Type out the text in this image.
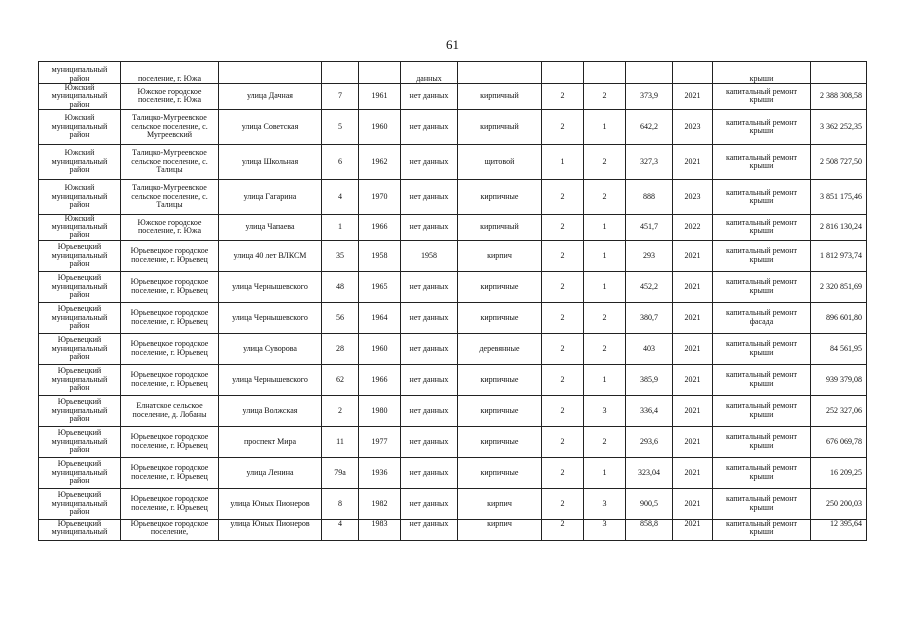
61
муниципальный район	поселение, г. Южа				данных						крыши	
Южский муниципальный район	Южское городское поселение, г. Южа	улица Дачная	7	1961	нет данных	кирпичный	2	2	373,9	2021	капитальный ремонт крыши	2 388 308,58
Южский муниципальный район	Талицко-Мугреевское сельское поселение, с. Мугреевский	улица Советская	5	1960	нет данных	кирпичный	2	1	642,2	2023	капитальный ремонт крыши	3 362 252,35
Южский муниципальный район	Талицко-Мугреевское сельское поселение, с. Талицы	улица Школьная	6	1962	нет данных	щитовой	1	2	327,3	2021	капитальный ремонт крыши	2 508 727,50
Южский муниципальный район	Талицко-Мугреевское сельское поселение, с. Талицы	улица Гагарина	4	1970	нет данных	кирпичные	2	2	888	2023	капитальный ремонт крыши	3 851 175,46
Южский муниципальный район	Южское городское поселение, г. Южа	улица Чапаева	1	1966	нет данных	кирпичный	2	1	451,7	2022	капитальный ремонт крыши	2 816 130,24
Юрьевецкий муниципальный район	Юрьевецкое городское поселение, г. Юрьевец	улица 40 лет ВЛКСМ	35	1958	1958	кирпич	2	1	293	2021	капитальный ремонт крыши	1 812 973,74
Юрьевецкий муниципальный район	Юрьевецкое городское поселение, г. Юрьевец	улица Чернышевского	48	1965	нет данных	кирпичные	2	1	452,2	2021	капитальный ремонт крыши	2 320 851,69
Юрьевецкий муниципальный район	Юрьевецкое городское поселение, г. Юрьевец	улица Чернышевского	56	1964	нет данных	кирпичные	2	2	380,7	2021	капитальный ремонт фасада	896 601,80
Юрьевецкий муниципальный район	Юрьевецкое городское поселение, г. Юрьевец	улица Суворова	28	1960	нет данных	деревянные	2	2	403	2021	капитальный ремонт крыши	84 561,95
Юрьевецкий муниципальный район	Юрьевецкое городское поселение, г. Юрьевец	улица Чернышевского	62	1966	нет данных	кирпичные	2	1	385,9	2021	капитальный ремонт крыши	939 379,08
Юрьевецкий муниципальный район	Елнатское сельское поселение, д. Лобаны	улица Волжская	2	1980	нет данных	кирпичные	2	3	336,4	2021	капитальный ремонт крыши	252 327,06
Юрьевецкий муниципальный район	Юрьевецкое городское поселение, г. Юрьевец	проспект Мира	11	1977	нет данных	кирпичные	2	2	293,6	2021	капитальный ремонт крыши	676 069,78
Юрьевецкий муниципальный район	Юрьевецкое городское поселение, г. Юрьевец	улица Ленина	79а	1936	нет данных	кирпичные	2	1	323,04	2021	капитальный ремонт крыши	16 209,25
Юрьевецкий муниципальный район	Юрьевецкое городское поселение, г. Юрьевец	улица Юных Пионеров	8	1982	нет данных	кирпич	2	3	900,5	2021	капитальный ремонт крыши	250 200,03
Юрьевецкий муниципальный	Юрьевецкое городское поселение,	улица Юных Пионеров	4	1983	нет данных	кирпич	2	3	858,8	2021	капитальный ремонт крыши	12 395,64
